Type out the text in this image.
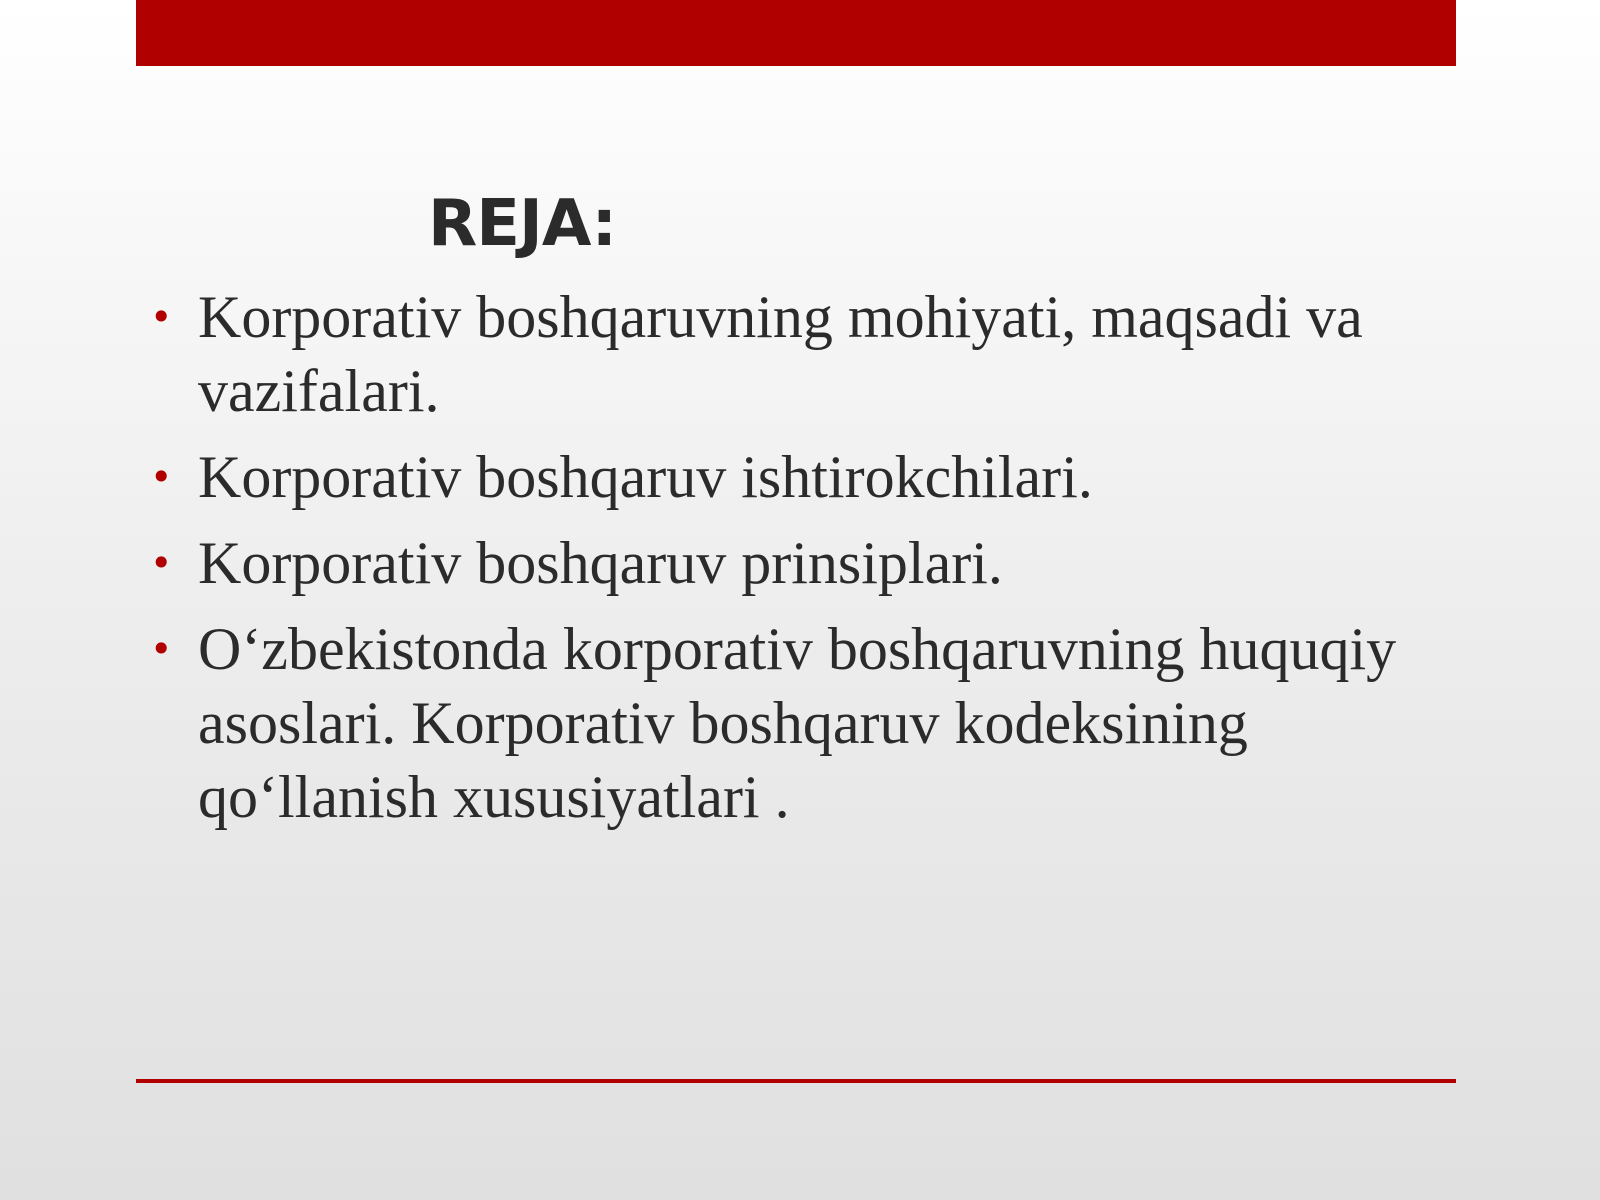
REJA:
• Korporativ boshqaruvning mohiyati, maqsadi va vazifalari.
• Korporativ boshqaruv ishtirokchilari.
• Korporativ boshqaruv prinsiplari.
• O‘zbekistonda korporativ boshqaruvning huquqiy asoslari. Korporativ boshqaruv kodeksining qo‘llanish xususiyatlari .
